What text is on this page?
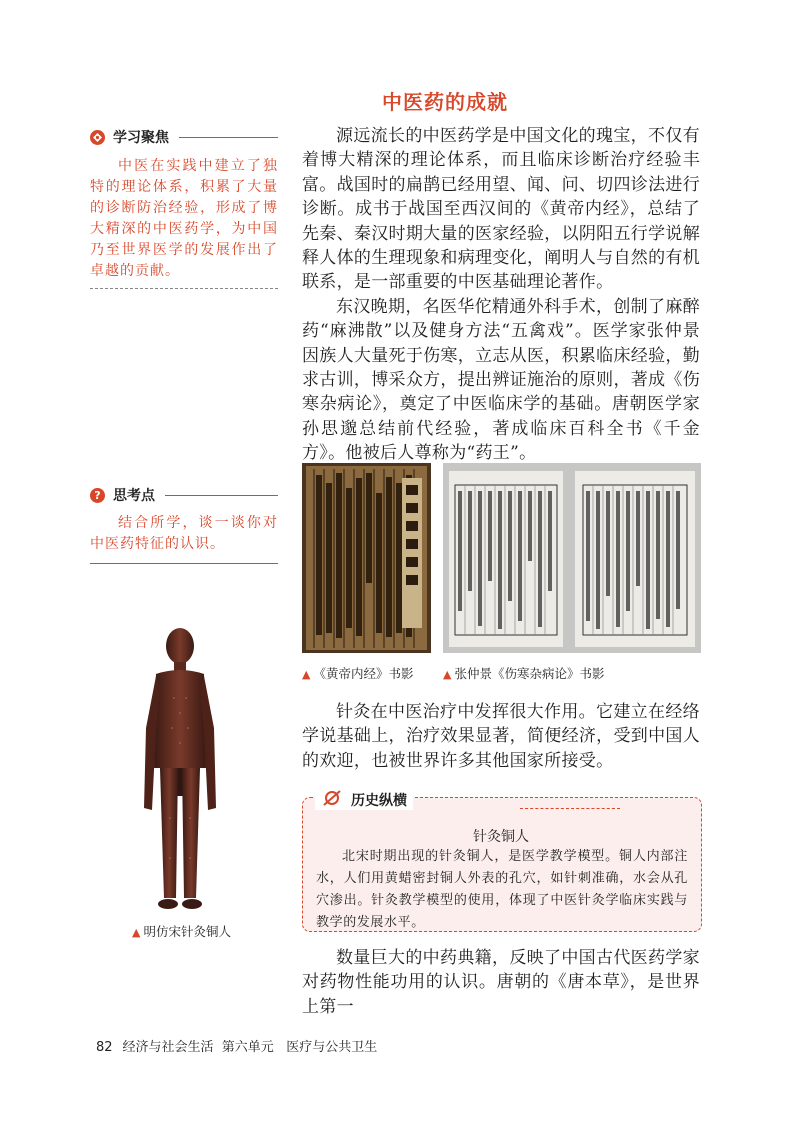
中医药的成就
学习聚焦

中医在实践中建立了独特的理论体系，积累了大量的诊断防治经验，形成了博大精深的中医药学，为中国乃至世界医学的发展作出了卓越的贡献。

? 思考点

结合所学，谈一谈你对中医药特征的认识。

源远流长的中医药学是中国文化的瑰宝，不仅有着博大精深的理论体系，而且临床诊断治疗经验丰富。战国时的扁鹊已经用望、闻、问、切四诊法进行诊断。成书于战国至西汉间的《黄帝内经》，总结了先秦、秦汉时期大量的医家经验，以阴阳五行学说解释人体的生理现象和病理变化，阐明人与自然的有机联系，是一部重要的中医基础理论著作。

东汉晚期，名医华佗精通外科手术，创制了麻醉药“麻沸散”以及健身方法“五禽戏”。医学家张仲景因族人大量死于伤寒，立志从医，积累临床经验，勤求古训，博采众方，提出辨证施治的原则，著成《伤寒杂病论》，奠定了中医临床学的基础。唐朝医学家孙思邈总结前代经验，著成临床百科全书《千金方》。他被后人尊称为“药王”。

▲ 《黄帝内经》书影	▲ 张仲景《伤寒杂病论》书影

针灸在中医治疗中发挥很大作用。它建立在经络学说基础上，治疗效果显著，简便经济，受到中国人的欢迎，也被世界许多其他国家所接受。

▲ 明仿宋针灸铜人
历史纵横
针灸铜人

北宋时期出现的针灸铜人，是医学教学模型。铜人内部注水，人们用黄蜡密封铜人外表的孔穴，如针刺准确，水会从孔穴渗出。针灸教学模型的使用，体现了中医针灸学临床实践与教学的发展水平。

数量巨大的中药典籍，反映了中国古代医药学家对药物性能功用的认识。唐朝的《唐本草》，是世界上第一

82 经济与社会生活  第六单元   医疗与公共卫生
